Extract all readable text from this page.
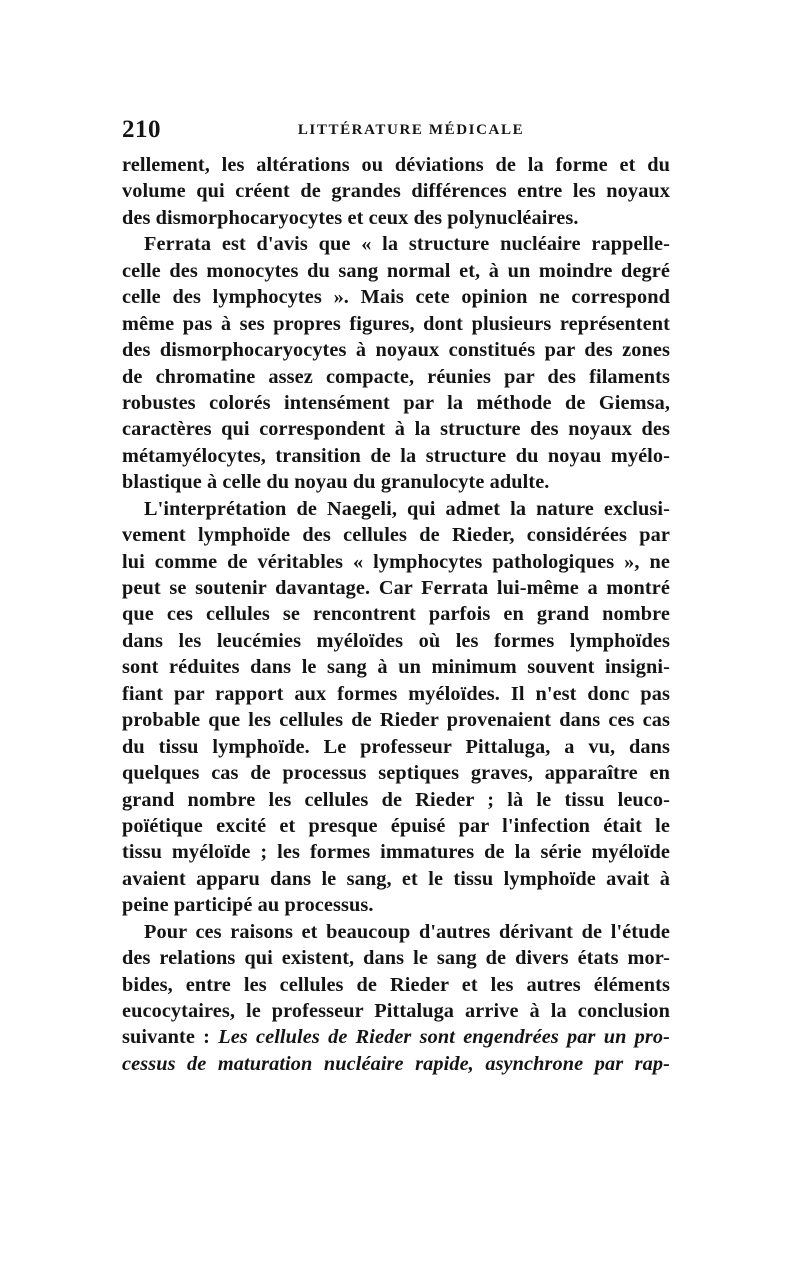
210	LITTÉRATURE MÉDICALE
rellement, les altérations ou déviations de la forme et du
volume qui créent de grandes différences entre les noyaux
des dismorphocaryocytes et ceux des polynucléaires.
Ferrata est d'avis que « la structure nucléaire rappelle-
celle des monocytes du sang normal et, à un moindre degré
celle des lymphocytes ». Mais cete opinion ne correspond
même pas à ses propres figures, dont plusieurs représentent
des dismorphocaryocytes à noyaux constitués par des zones
de chromatine assez compacte, réunies par des filaments
robustes colorés intensément par la méthode de Giemsa,
caractères qui correspondent à la structure des noyaux des
métamyélocytes, transition de la structure du noyau myélo-
blastique à celle du noyau du granulocyte adulte.
L'interprétation de Naegeli, qui admet la nature exclusi-
vement lymphoïde des cellules de Rieder, considérées par
lui comme de véritables « lymphocytes pathologiques », ne
peut se soutenir davantage. Car Ferrata lui-même a montré
que ces cellules se rencontrent parfois en grand nombre
dans les leucémies myéloïdes où les formes lymphoïdes
sont réduites dans le sang à un minimum souvent insigni-
fiant par rapport aux formes myéloïdes. Il n'est donc pas
probable que les cellules de Rieder provenaient dans ces cas
du tissu lymphoïde. Le professeur Pittaluga, a vu, dans
quelques cas de processus septiques graves, apparaître en
grand nombre les cellules de Rieder ; là le tissu leuco-
poïétique excité et presque épuisé par l'infection était le
tissu myéloïde ; les formes immatures de la série myéloïde
avaient apparu dans le sang, et le tissu lymphoïde avait à
peine participé au processus.
Pour ces raisons et beaucoup d'autres dérivant de l'étude
des relations qui existent, dans le sang de divers états mor-
bides, entre les cellules de Rieder et les autres éléments
eucocytaires, le professeur Pittaluga arrive à la conclusion
suivante : Les cellules de Rieder sont engendrées par un pro-
cessus de maturation nucléaire rapide, asynchrone par rap-
